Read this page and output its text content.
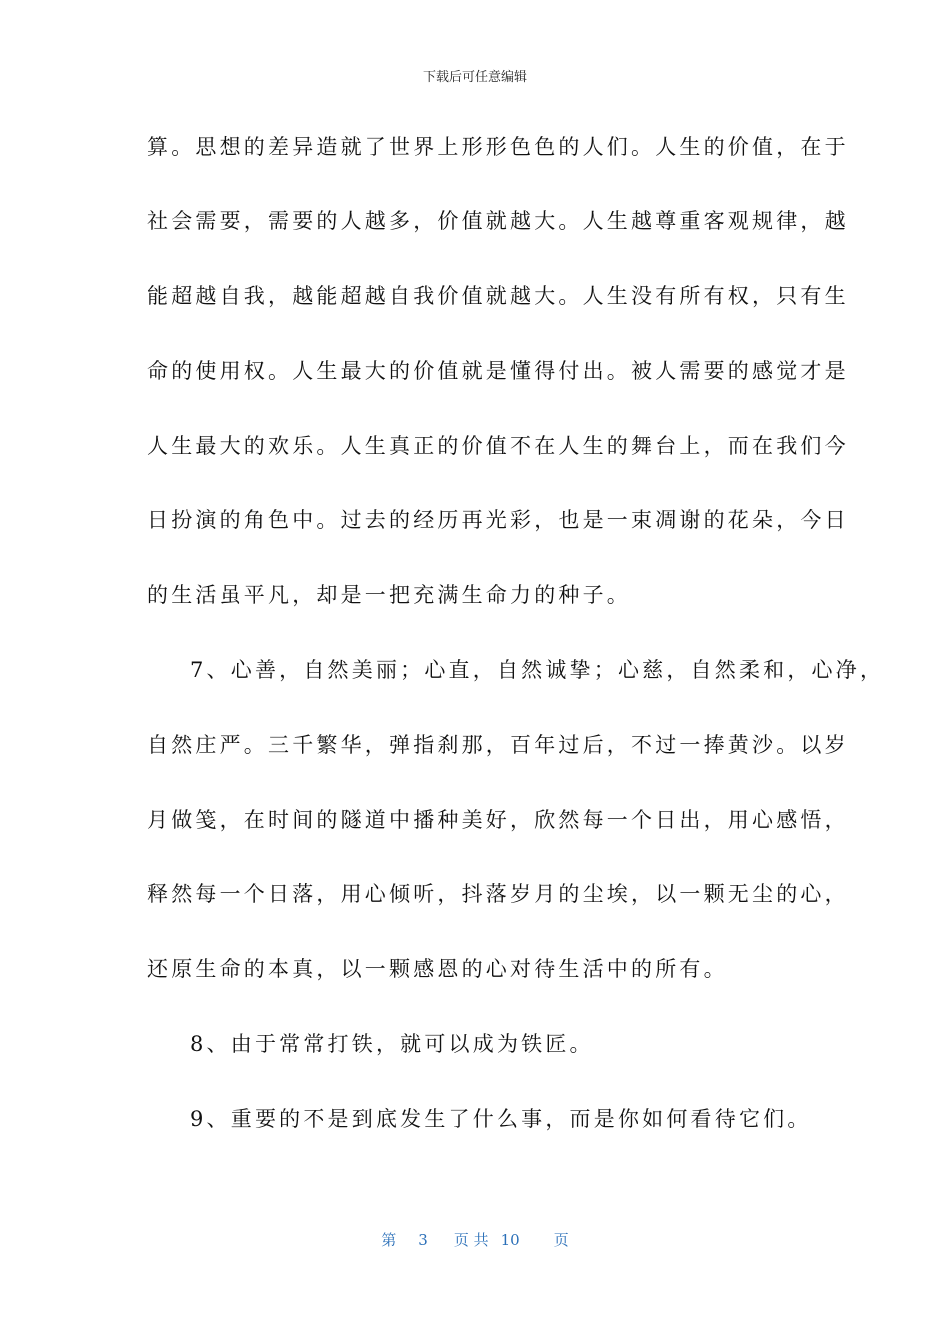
下载后可任意编辑
算。思想的差异造就了世界上形形色色的人们。人生的价值，在于
社会需要，需要的人越多，价值就越大。人生越尊重客观规律，越
能超越自我，越能超越自我价值就越大。人生没有所有权，只有生
命的使用权。人生最大的价值就是懂得付出。被人需要的感觉才是
人生最大的欢乐。人生真正的价值不在人生的舞台上，而在我们今
日扮演的角色中。过去的经历再光彩，也是一束凋谢的花朵，今日
的生活虽平凡，却是一把充满生命力的种子。
7、心善，自然美丽；心直，自然诚挚；心慈，自然柔和，心净，
自然庄严。三千繁华，弹指刹那，百年过后，不过一捧黄沙。以岁
月做笺，在时间的隧道中播种美好，欣然每一个日出，用心感悟，
释然每一个日落，用心倾听，抖落岁月的尘埃，以一颗无尘的心，
还原生命的本真，以一颗感恩的心对待生活中的所有。
8、由于常常打铁，就可以成为铁匠。
9、重要的不是到底发生了什么事，而是你如何看待它们。
第 3 页 共 10 页
